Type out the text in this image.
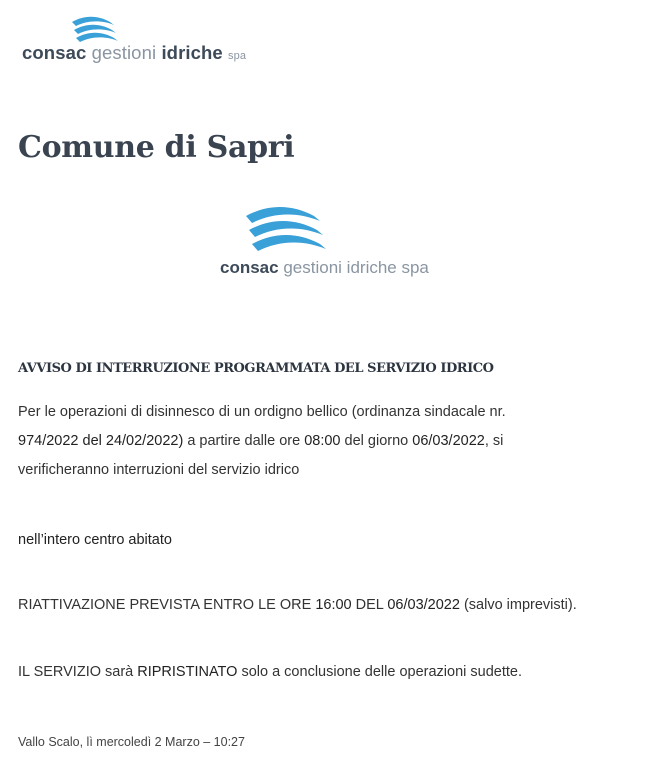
consac gestioni idriche spa
Comune di Sapri
consac gestioni idriche spa
AVVISO DI INTERRUZIONE PROGRAMMATA DEL SERVIZIO IDRICO

Per le operazioni di disinnesco di un ordigno bellico (ordinanza sindacale nr.
974/2022 del 24/02/2022) a partire dalle ore 08:00 del giorno 06/03/2022, si
verificheranno interruzioni del servizio idrico

nell’intero centro abitato
RIATTIVAZIONE PREVISTA ENTRO LE ORE 16:00 DEL 06/03/2022 (salvo imprevisti).
IL SERVIZIO sarà RIPRISTINATO solo a conclusione delle operazioni sudette.
Vallo Scalo, lì mercoledì 2 Marzo – 10:27
